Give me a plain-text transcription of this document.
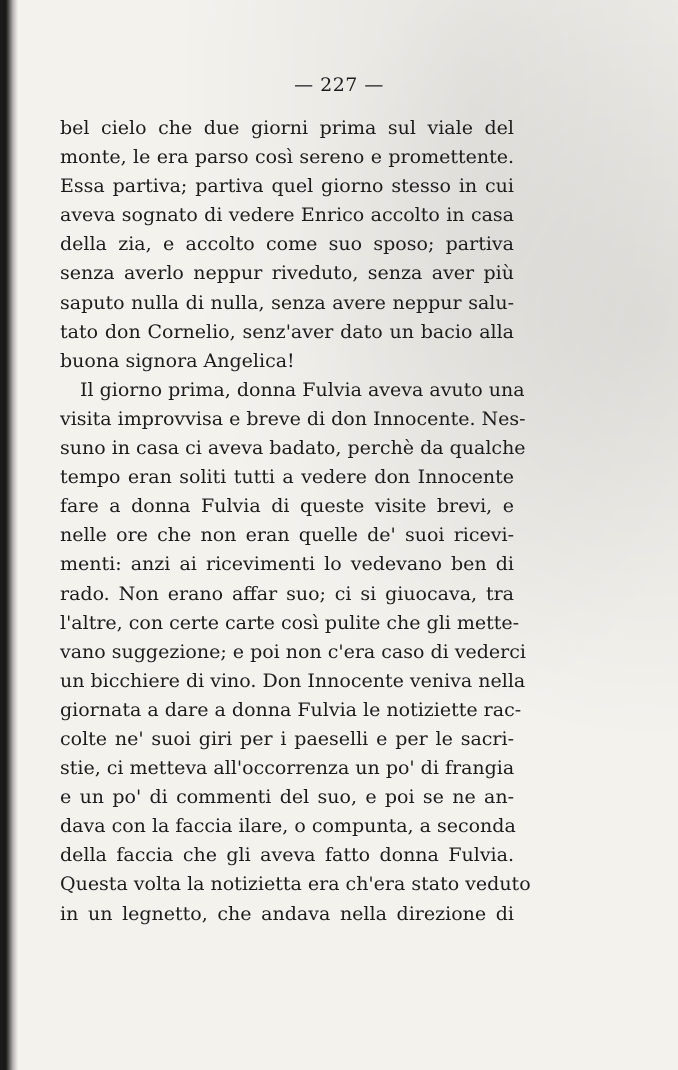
— 227 —
bel cielo che due giorni prima sul viale del
monte, le era parso così sereno e promettente.
Essa partiva; partiva quel giorno stesso in cui
aveva sognato di vedere Enrico accolto in casa
della zia, e accolto come suo sposo; partiva
senza averlo neppur riveduto, senza aver più
saputo nulla di nulla, senza avere neppur salu-
tato don Cornelio, senz'aver dato un bacio alla
buona signora Angelica!
Il giorno prima, donna Fulvia aveva avuto una
visita improvvisa e breve di don Innocente. Nes-
suno in casa ci aveva badato, perchè da qualche
tempo eran soliti tutti a vedere don Innocente
fare a donna Fulvia di queste visite brevi, e
nelle ore che non eran quelle de' suoi ricevi-
menti: anzi ai ricevimenti lo vedevano ben di
rado. Non erano affar suo; ci si giuocava, tra
l'altre, con certe carte così pulite che gli mette-
vano suggezione; e poi non c'era caso di vederci
un bicchiere di vino. Don Innocente veniva nella
giornata a dare a donna Fulvia le notiziette rac-
colte ne' suoi giri per i paeselli e per le sacri-
stie, ci metteva all'occorrenza un po' di frangia
e un po' di commenti del suo, e poi se ne an-
dava con la faccia ilare, o compunta, a seconda
della faccia che gli aveva fatto donna Fulvia.
Questa volta la notizietta era ch'era stato veduto
in un legnetto, che andava nella direzione di
